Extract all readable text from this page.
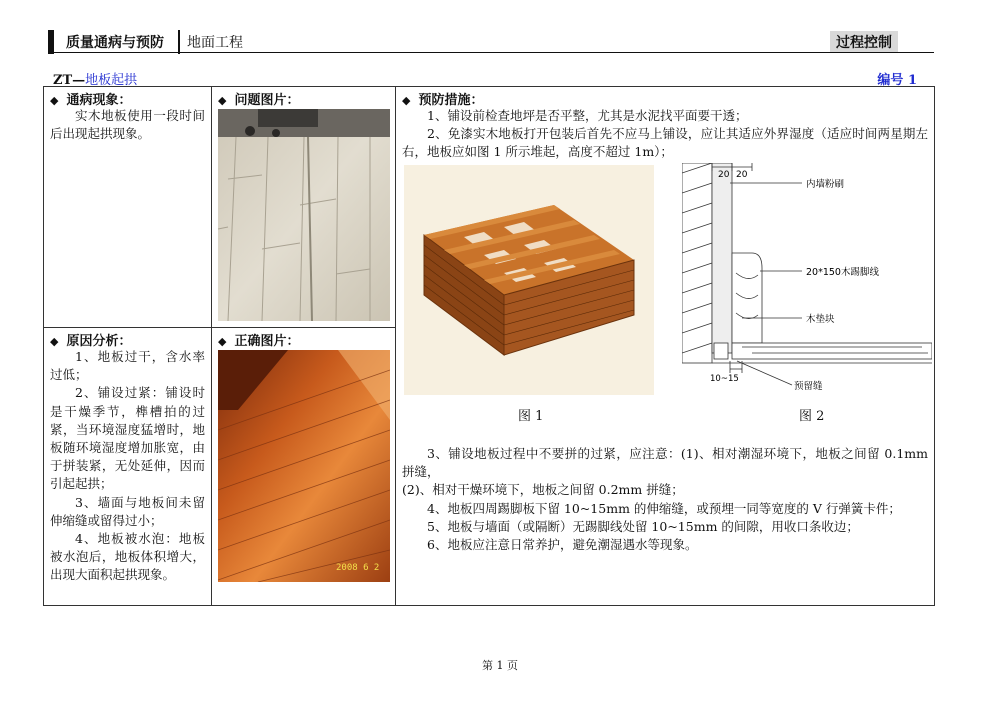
质量通病与预防 地面工程	过程控制
ZT—地板起拱	编号 1
◆ 通病现象：

实木地板使用一段时间后出现起拱现象。

◆ 问题图片：	◆ 预防措施：

1、铺设前检查地坪是否平整，尤其是水泥找平面要干透；

2、免漆实木地板打开包装后首先不应马上铺设，应让其适应外界湿度（适应时间两星期左右，地板应如图 1 所示堆起，高度不超过 1m）；

20 20
内墙粉刷
20*150木踢脚线
木垫块
10~15
预留缝
图 1	图 2

3、铺设地板过程中不要拼的过紧，应注意：(1)、相对潮湿环境下，地板之间留 0.1mm 拼缝，

(2)、相对干燥环境下，地板之间留 0.2mm 拼缝；

4、地板四周踢脚板下留 10~15mm 的伸缩缝，或预埋一同等宽度的 V 行弹簧卡件；

5、地板与墙面（或隔断）无踢脚线处留 10~15mm 的间隙，用收口条收边；

6、地板应注意日常养护，避免潮湿遇水等现象。

◆ 原因分析：

1、地板过干，含水率过低；

2、铺设过紧：铺设时是干燥季节，榫槽拍的过紧，当环境湿度猛增时，地板随环境湿度增加胀宽，由于拼装紧，无处延伸，因而引起起拱；

3、墙面与地板间未留伸缩缝或留得过小；

4、地板被水泡：地板被水泡后，地板体积增大，出现大面积起拱现象。

◆ 正确图片：
2008 6 2
第 1 页
